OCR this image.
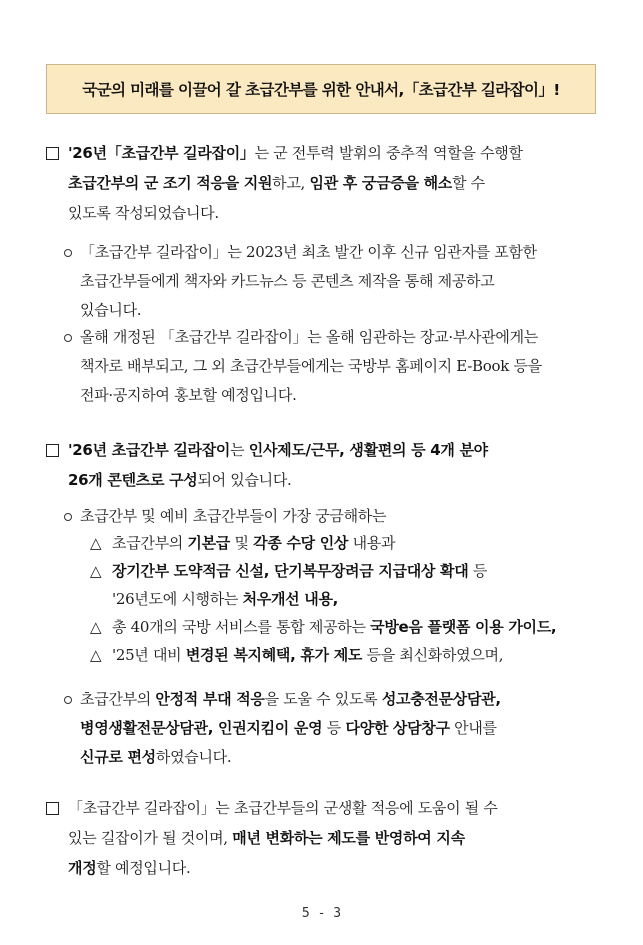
국군의 미래를 이끌어 갈 초급간부를 위한 안내서,「초급간부 길라잡이」!
'26년「초급간부 길라잡이」는 군 전투력 발휘의 중추적 역할을 수행할
초급간부의 군 조기 적응을 지원하고, 임관 후 궁금증을 해소할 수
있도록 작성되었습니다.
「초급간부 길라잡이」는 2023년 최초 발간 이후 신규 임관자를 포함한
초급간부들에게 책자와 카드뉴스 등 콘텐츠 제작을 통해 제공하고
있습니다.
올해 개정된 「초급간부 길라잡이」는 올해 임관하는 장교·부사관에게는
책자로 배부되고, 그 외 초급간부들에게는 국방부 홈페이지 E-Book 등을
전파·공지하여 홍보할 예정입니다.
'26년 초급간부 길라잡이는 인사제도/근무, 생활편의 등 4개 분야
26개 콘텐츠로 구성되어 있습니다.
초급간부 및 예비 초급간부들이 가장 궁금해하는
△ 초급간부의 기본급 및 각종 수당 인상 내용과
△ 장기간부 도약적금 신설, 단기복무장려금 지급대상 확대 등
'26년도에 시행하는 처우개선 내용,
△ 총 40개의 국방 서비스를 통합 제공하는 국방e음 플랫폼 이용 가이드,
△ '25년 대비 변경된 복지혜택, 휴가 제도 등을 최신화하였으며,
초급간부의 안정적 부대 적응을 도울 수 있도록 성고충전문상담관,
병영생활전문상담관, 인권지킴이 운영 등 다양한 상담창구 안내를
신규로 편성하였습니다.
「초급간부 길라잡이」는 초급간부들의 군생활 적응에 도움이 될 수
있는 길잡이가 될 것이며, 매년 변화하는 제도를 반영하여 지속
개정할 예정입니다.
5 - 3
